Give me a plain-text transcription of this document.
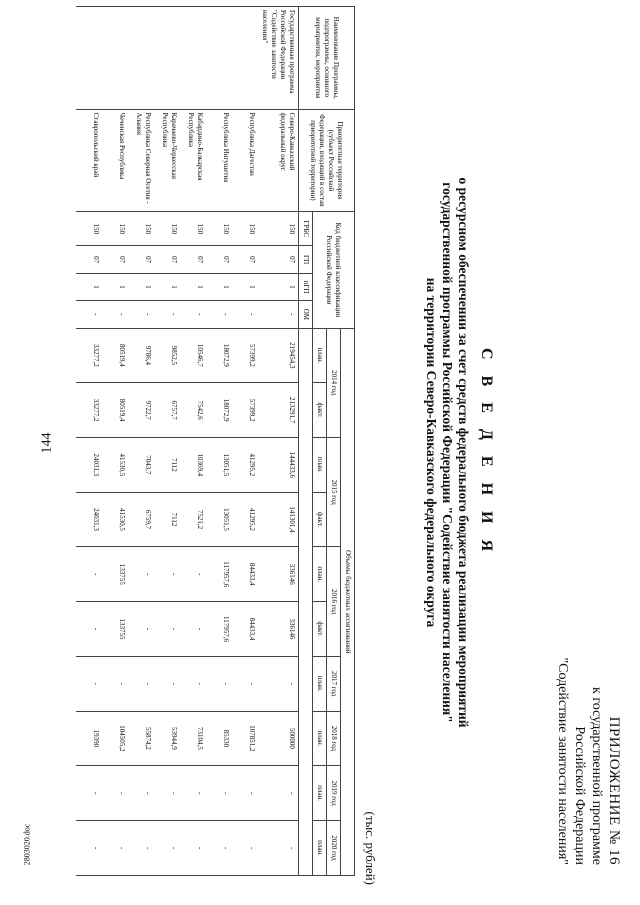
144
2803020.doc	ПРИЛОЖЕНИЕ № 16
к государственной программе
Российской Федерации
"Содействие занятости населения"
С В Е Д Е Н И Я
о ресурсном обеспечении за счет средств федерального бюджета реализации мероприятий
государственной программы Российской Федерации "Содействие занятости населения"
на территории Северо-Кавказского федерального округа
(тыс. рублей)
Наименование Программы, подпрограммы, основного мероприятия, мероприятия	Приоритетная территория (субъект Российской Федерации, входящий в состав приоритетной территории)	Код бюджетной классификации Российской Федерации				Объемы бюджетных ассигнований									
						2014 год		2015 год		2016 год		2017 год	2018 год	2019 год	2020 год
						план.	факт.	план.	факт.	план.	факт.	план.	план.	план.	план.
		ГРБС	ГП	пГП	ОМ										
Государственная программа Российской Федерации "Содействие занятости населения"	Северо-Кавказский федеральный округ	150	07	1	-	219454,3	213291,7	144433,6	141301,4	336146	336146	-	500000	-	-
	Республика Дагестан	150	07	1	-	57399,2	57399,2	41295,2	41295,2	84433,4	84433,4	-	107851,2	-	-
	Республика Ингушетия	150	07	1	-	18072,9	18072,9	13051,5	13051,5	117957,6	117957,6	-	85330	-	-
	Кабардино-Балкарская Республика	150	07	1	-	10546,7	7542,6	10369,4	7521,2	-	-	-	73104,5	-	-
	Карачаево-Черкесская Республика	150	07	1	-	9852,5	6757,7	7112	7112	-	-	-	53944,9	-	-
	Республика Северная Осетия - Алания	150	07	1	-	9786,4	9722,7	7043,7	6759,7	-	-	-	55874,2	-	-
	Чеченская Республика	150	07	1	-	80519,4	80519,4	41530,5	41530,5	133755	133755	-	104505,2	-	-
	Ставропольский край	150	07	1	-	33277,2	33277,2	24031,3	24031,3	-	-	-	19390	-	-
